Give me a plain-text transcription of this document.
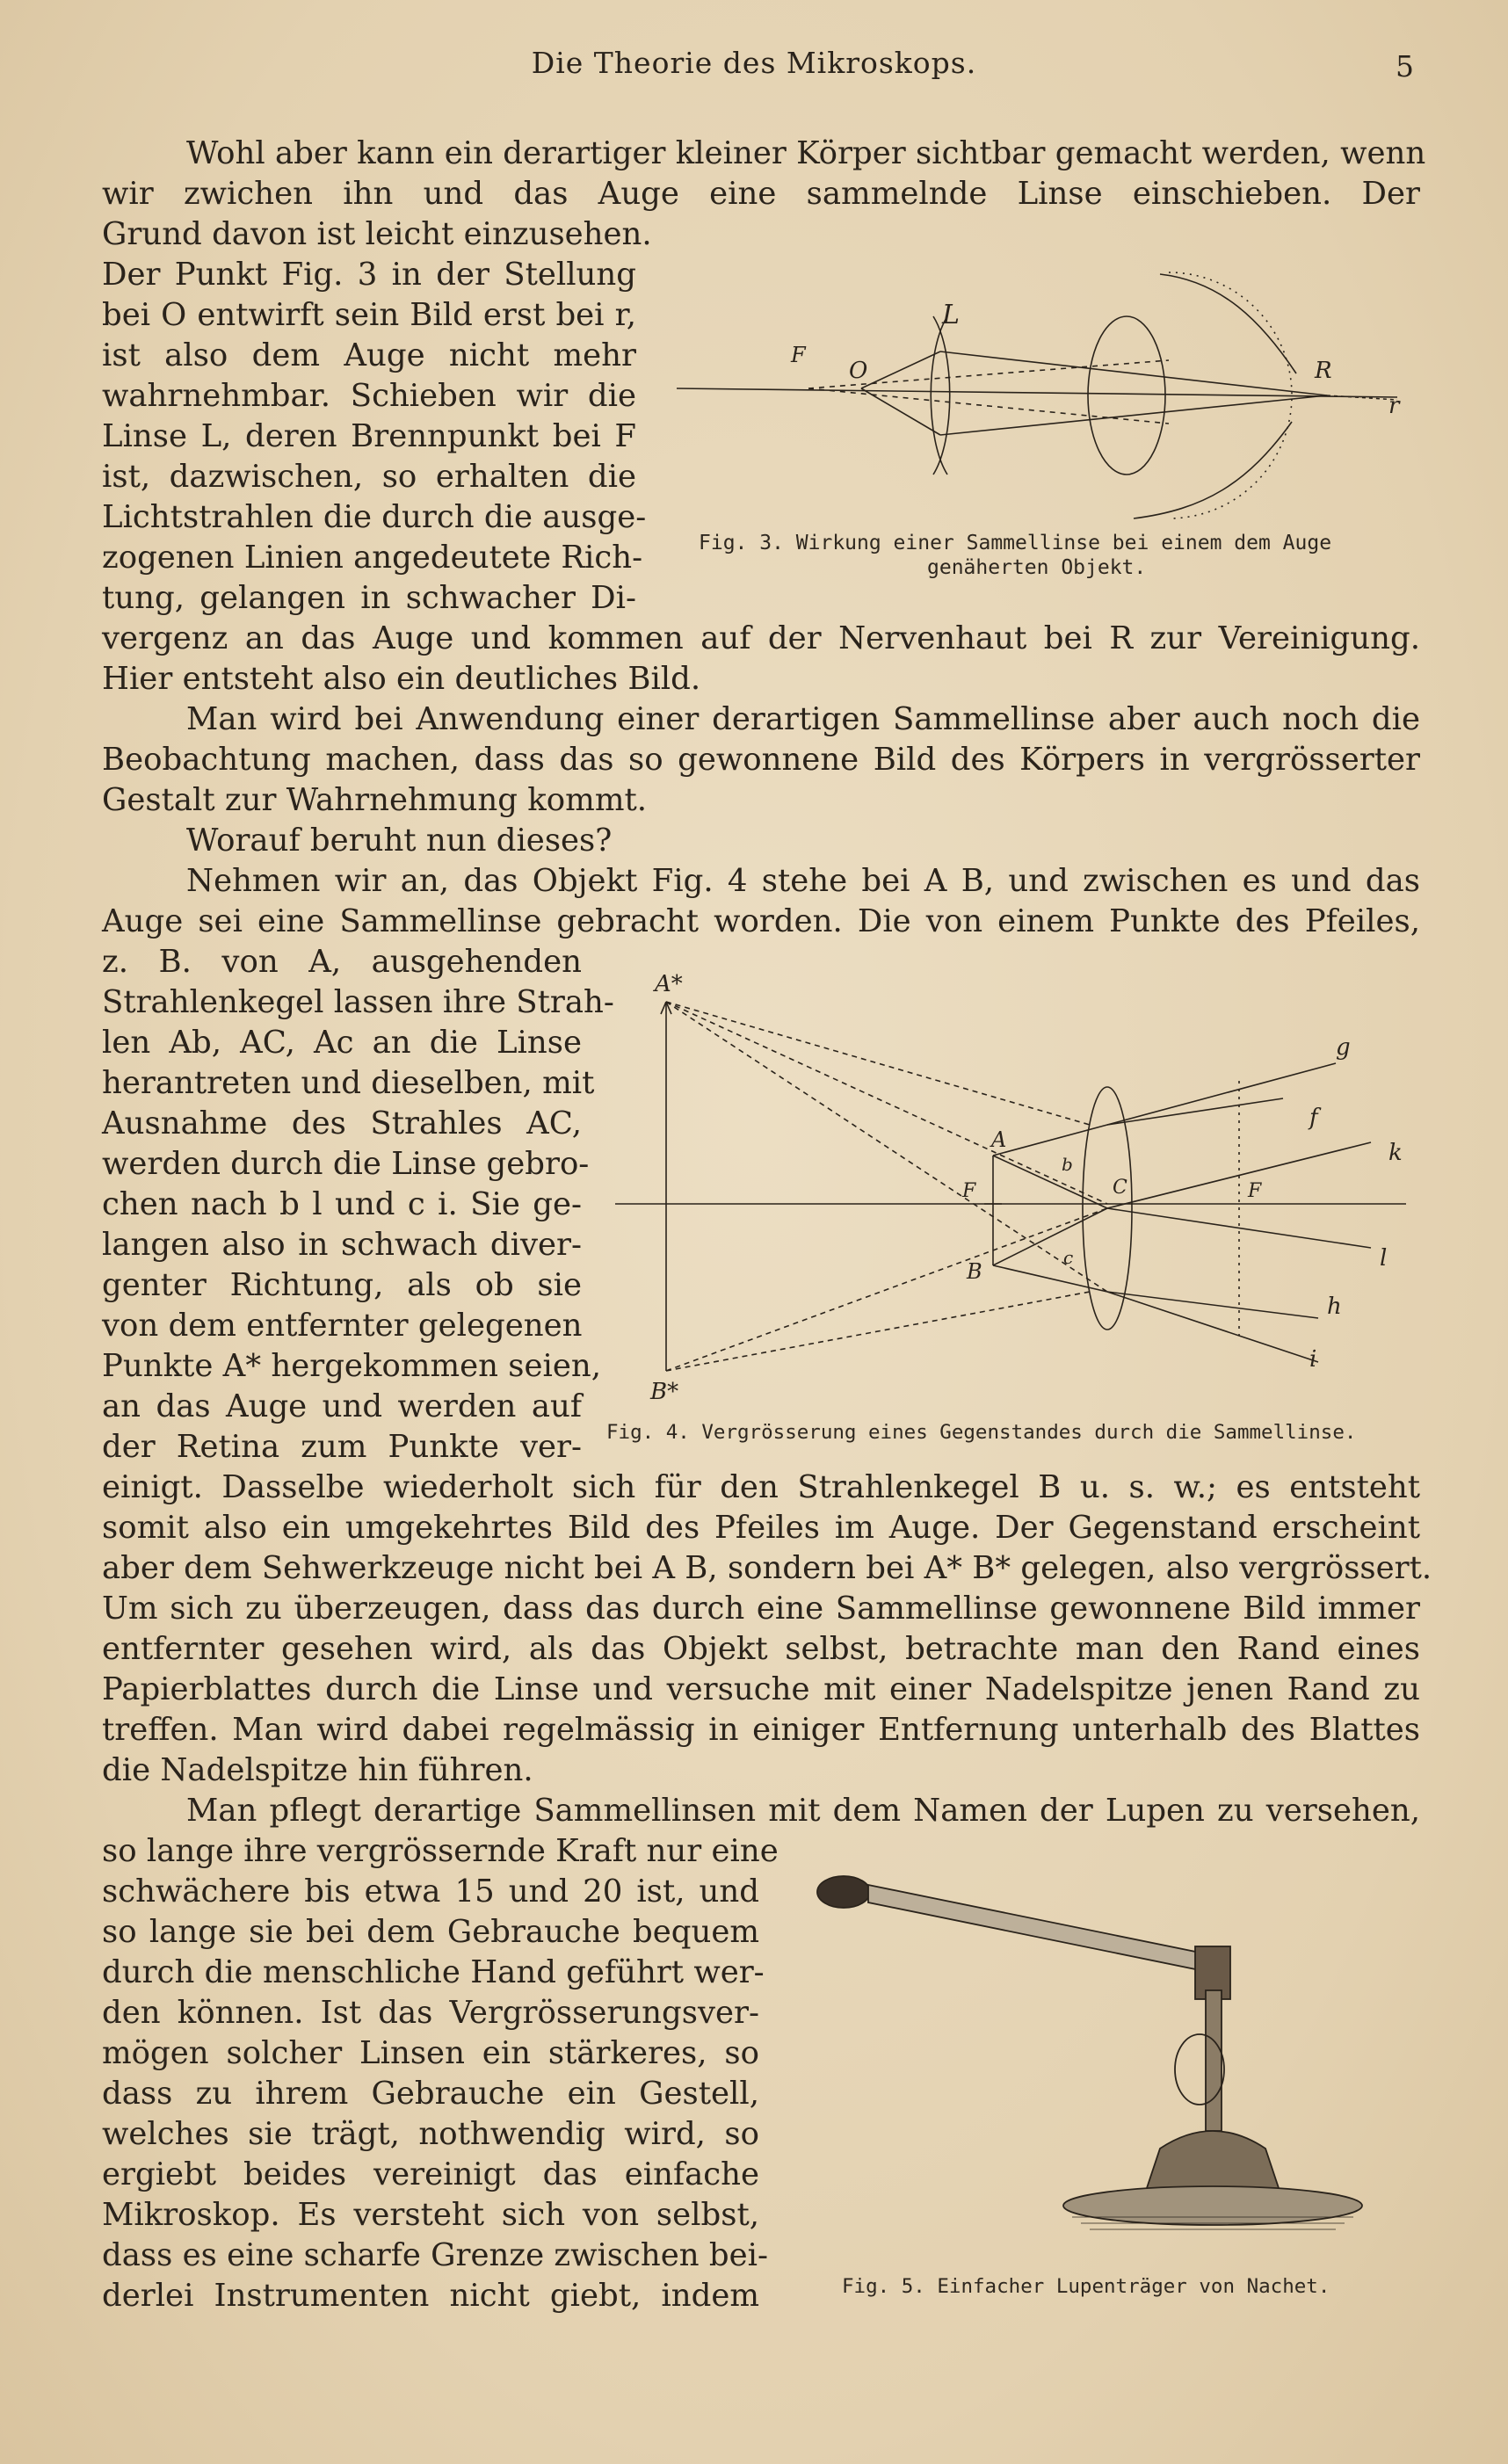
Die Theorie des Mikroskops.	5
Wohl aber kann ein derartiger kleiner Körper sichtbar gemacht werden, wenn
wir zwichen ihn und das Auge eine sammelnde Linse einschieben. Der
Grund davon ist leicht einzusehen.
Der Punkt Fig. 3 in der Stellung
bei O entwirft sein Bild erst bei r,
ist also dem Auge nicht mehr
wahrnehmbar. Schieben wir die
Linse L, deren Brennpunkt bei F
ist, dazwischen, so erhalten die
Lichtstrahlen die durch die ausge-
zogenen Linien angedeutete Rich-
tung, gelangen in schwacher Di-
vergenz an das Auge und kommen auf der Nervenhaut bei R zur Vereinigung.
Hier entsteht also ein deutliches Bild.
Man wird bei Anwendung einer derartigen Sammellinse aber auch noch die
Beobachtung machen, dass das so gewonnene Bild des Körpers in vergrösserter
Gestalt zur Wahrnehmung kommt.
Worauf beruht nun dieses?
Nehmen wir an, das Objekt Fig. 4 stehe bei A B, und zwischen es und das
Auge sei eine Sammellinse gebracht worden. Die von einem Punkte des Pfeiles,
z. B. von A, ausgehenden
Strahlenkegel lassen ihre Strah-
len Ab, AC, Ac an die Linse
herantreten und dieselben, mit
Ausnahme des Strahles AC,
werden durch die Linse gebro-
chen nach b l und c i. Sie ge-
langen also in schwach diver-
genter Richtung, als ob sie
von dem entfernter gelegenen
Punkte A* hergekommen seien,
an das Auge und werden auf
der Retina zum Punkte ver-
einigt. Dasselbe wiederholt sich für den Strahlenkegel B u. s. w.; es entsteht
somit also ein umgekehrtes Bild des Pfeiles im Auge. Der Gegenstand erscheint
aber dem Sehwerkzeuge nicht bei A B, sondern bei A* B* gelegen, also vergrössert.
Um sich zu überzeugen, dass das durch eine Sammellinse gewonnene Bild immer
entfernter gesehen wird, als das Objekt selbst, betrachte man den Rand eines
Papierblattes durch die Linse und versuche mit einer Nadelspitze jenen Rand zu
treffen. Man wird dabei regelmässig in einiger Entfernung unterhalb des Blattes
die Nadelspitze hin führen.
Man pflegt derartige Sammellinsen mit dem Namen der Lupen zu versehen,
so lange ihre vergrössernde Kraft nur eine
schwächere bis etwa 15 und 20 ist, und
so lange sie bei dem Gebrauche bequem
durch die menschliche Hand geführt wer-
den können. Ist das Vergrösserungsver-
mögen solcher Linsen ein stärkeres, so
dass zu ihrem Gebrauche ein Gestell,
welches sie trägt, nothwendig wird, so
ergiebt beides vereinigt das einfache
Mikroskop. Es versteht sich von selbst,
dass es eine scharfe Grenze zwischen bei-
derlei Instrumenten nicht giebt, indem
L
F
O	R
r
Fig. 3. Wirkung einer Sammellinse bei einem dem Auge
genäherten Objekt.
A*
B*
A
B
F	F
b
C
c
g
f
k
l
h
i
Fig. 4. Vergrösserung eines Gegenstandes durch die Sammellinse.
Fig. 5. Einfacher Lupenträger von Nachet.
